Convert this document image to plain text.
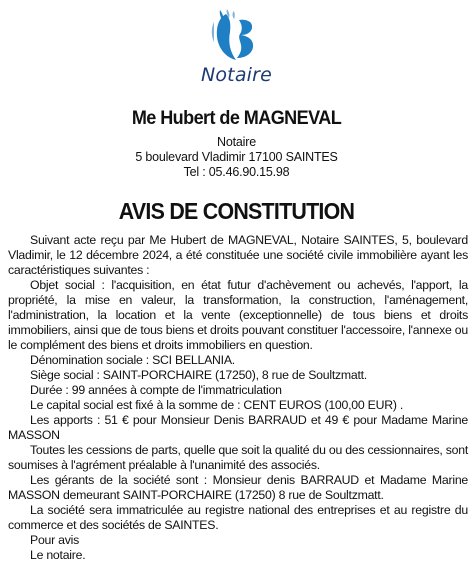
Notaire
Me Hubert de MAGNEVAL
Notaire
5 boulevard Vladimir 17100 SAINTES
Tel : 05.46.90.15.98
AVIS DE CONSTITUTION

Suivant acte reçu par Me Hubert de MAGNEVAL, Notaire SAINTES, 5, boulevard Vladimir, le 12 décembre 2024, a été constituée une société civile immobilière ayant les caractéristiques suivantes :

Objet social : l'acquisition, en état futur d'achèvement ou achevés, l'apport, la propriété, la mise en valeur, la transformation, la construction, l'aménagement, l'administration, la location et la vente (exceptionnelle) de tous biens et droits immobiliers, ainsi que de tous biens et droits pouvant constituer l'accessoire, l'annexe ou le complément des biens et droits immobiliers en question.

Dénomination sociale : SCI BELLANIA.

Siège social : SAINT-PORCHAIRE (17250), 8 rue de Soultzmatt.

Durée : 99 années à compte de l'immatriculation

Le capital social est fixé à la somme de : CENT EUROS (100,00 EUR) .

Les apports : 51 € pour Monsieur Denis BARRAUD et 49 € pour Madame Marine MASSON

Toutes les cessions de parts, quelle que soit la qualité du ou des cessionnaires, sont soumises à l'agrément préalable à l'unanimité des associés.

Les gérants de la société sont : Monsieur denis BARRAUD et Madame Marine MASSON demeurant SAINT-PORCHAIRE (17250) 8 rue de Soultzmatt.

La société sera immatriculée au registre national des entreprises et au registre du commerce et des sociétés de SAINTES.

Pour avis

Le notaire.
